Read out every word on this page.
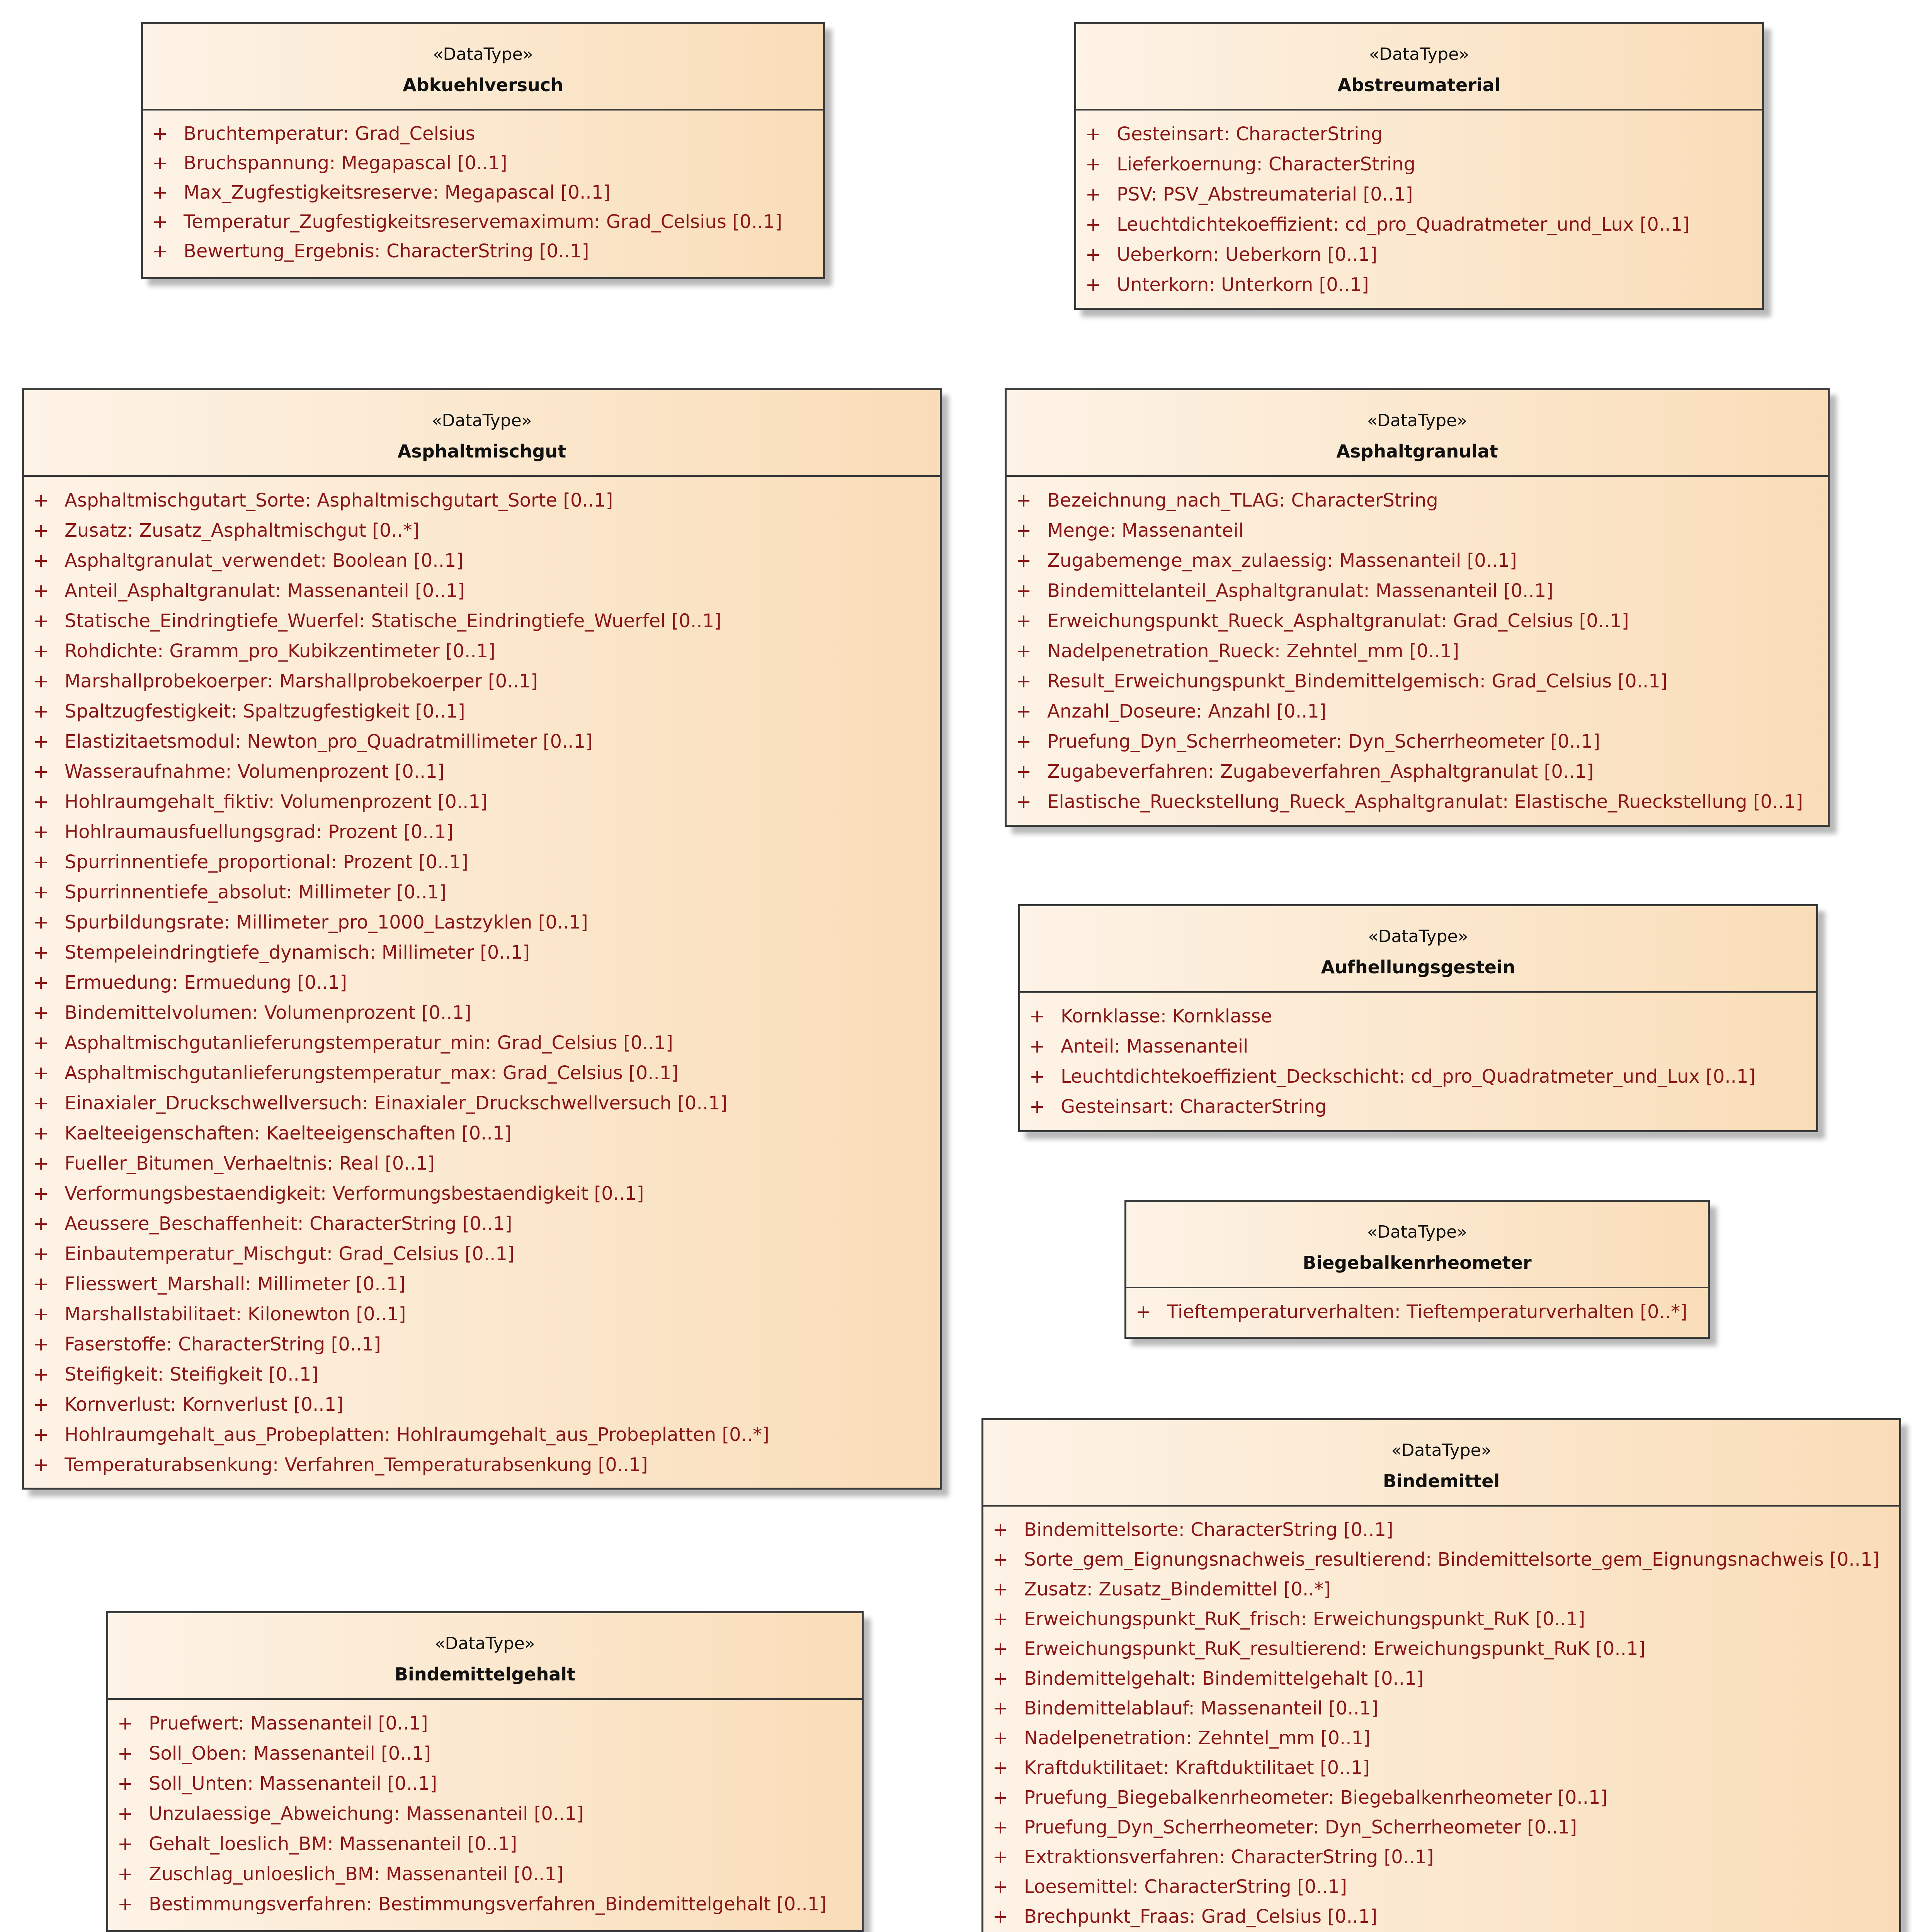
«DataType»
Abkuehlversuch
+ Bruchtemperatur: Grad_Celsius
+ Bruchspannung: Megapascal [0..1]
+ Max_Zugfestigkeitsreserve: Megapascal [0..1]
+ Temperatur_Zugfestigkeitsreservemaximum: Grad_Celsius [0..1]
+ Bewertung_Ergebnis: CharacterString [0..1]
«DataType»
Abstreumaterial
+ Gesteinsart: CharacterString
+ Lieferkoernung: CharacterString
+ PSV: PSV_Abstreumaterial [0..1]
+ Leuchtdichtekoeffizient: cd_pro_Quadratmeter_und_Lux [0..1]
+ Ueberkorn: Ueberkorn [0..1]
+ Unterkorn: Unterkorn [0..1]
«DataType»
Asphaltmischgut
+ Asphaltmischgutart_Sorte: Asphaltmischgutart_Sorte [0..1]
+ Zusatz: Zusatz_Asphaltmischgut [0..*]
+ Asphaltgranulat_verwendet: Boolean [0..1]
+ Anteil_Asphaltgranulat: Massenanteil [0..1]
+ Statische_Eindringtiefe_Wuerfel: Statische_Eindringtiefe_Wuerfel [0..1]
+ Rohdichte: Gramm_pro_Kubikzentimeter [0..1]
+ Marshallprobekoerper: Marshallprobekoerper [0..1]
+ Spaltzugfestigkeit: Spaltzugfestigkeit [0..1]
+ Elastizitaetsmodul: Newton_pro_Quadratmillimeter [0..1]
+ Wasseraufnahme: Volumenprozent [0..1]
+ Hohlraumgehalt_fiktiv: Volumenprozent [0..1]
+ Hohlraumausfuellungsgrad: Prozent [0..1]
+ Spurrinnentiefe_proportional: Prozent [0..1]
+ Spurrinnentiefe_absolut: Millimeter [0..1]
+ Spurbildungsrate: Millimeter_pro_1000_Lastzyklen [0..1]
+ Stempeleindringtiefe_dynamisch: Millimeter [0..1]
+ Ermuedung: Ermuedung [0..1]
+ Bindemittelvolumen: Volumenprozent [0..1]
+ Asphaltmischgutanlieferungstemperatur_min: Grad_Celsius [0..1]
+ Asphaltmischgutanlieferungstemperatur_max: Grad_Celsius [0..1]
+ Einaxialer_Druckschwellversuch: Einaxialer_Druckschwellversuch [0..1]
+ Kaelteeigenschaften: Kaelteeigenschaften [0..1]
+ Fueller_Bitumen_Verhaeltnis: Real [0..1]
+ Verformungsbestaendigkeit: Verformungsbestaendigkeit [0..1]
+ Aeussere_Beschaffenheit: CharacterString [0..1]
+ Einbautemperatur_Mischgut: Grad_Celsius [0..1]
+ Fliesswert_Marshall: Millimeter [0..1]
+ Marshallstabilitaet: Kilonewton [0..1]
+ Faserstoffe: CharacterString [0..1]
+ Steifigkeit: Steifigkeit [0..1]
+ Kornverlust: Kornverlust [0..1]
+ Hohlraumgehalt_aus_Probeplatten: Hohlraumgehalt_aus_Probeplatten [0..*]
+ Temperaturabsenkung: Verfahren_Temperaturabsenkung [0..1]
«DataType»
Asphaltgranulat
+ Bezeichnung_nach_TLAG: CharacterString
+ Menge: Massenanteil
+ Zugabemenge_max_zulaessig: Massenanteil [0..1]
+ Bindemittelanteil_Asphaltgranulat: Massenanteil [0..1]
+ Erweichungspunkt_Rueck_Asphaltgranulat: Grad_Celsius [0..1]
+ Nadelpenetration_Rueck: Zehntel_mm [0..1]
+ Result_Erweichungspunkt_Bindemittelgemisch: Grad_Celsius [0..1]
+ Anzahl_Doseure: Anzahl [0..1]
+ Pruefung_Dyn_Scherrheometer: Dyn_Scherrheometer [0..1]
+ Zugabeverfahren: Zugabeverfahren_Asphaltgranulat [0..1]
+ Elastische_Rueckstellung_Rueck_Asphaltgranulat: Elastische_Rueckstellung [0..1]
«DataType»
Aufhellungsgestein
+ Kornklasse: Kornklasse
+ Anteil: Massenanteil
+ Leuchtdichtekoeffizient_Deckschicht: cd_pro_Quadratmeter_und_Lux [0..1]
+ Gesteinsart: CharacterString
«DataType»
Biegebalkenrheometer
+ Tieftemperaturverhalten: Tieftemperaturverhalten [0..*]
«DataType»
Bindemittel
+ Bindemittelsorte: CharacterString [0..1]
+ Sorte_gem_Eignungsnachweis_resultierend: Bindemittelsorte_gem_Eignungsnachweis [0..1]
+ Zusatz: Zusatz_Bindemittel [0..*]
+ Erweichungspunkt_RuK_frisch: Erweichungspunkt_RuK [0..1]
+ Erweichungspunkt_RuK_resultierend: Erweichungspunkt_RuK [0..1]
+ Bindemittelgehalt: Bindemittelgehalt [0..1]
+ Bindemittelablauf: Massenanteil [0..1]
+ Nadelpenetration: Zehntel_mm [0..1]
+ Kraftduktilitaet: Kraftduktilitaet [0..1]
+ Pruefung_Biegebalkenrheometer: Biegebalkenrheometer [0..1]
+ Pruefung_Dyn_Scherrheometer: Dyn_Scherrheometer [0..1]
+ Extraktionsverfahren: CharacterString [0..1]
+ Loesemittel: CharacterString [0..1]
+ Brechpunkt_Fraas: Grad_Celsius [0..1]
«DataType»
Bindemittelgehalt
+ Pruefwert: Massenanteil [0..1]
+ Soll_Oben: Massenanteil [0..1]
+ Soll_Unten: Massenanteil [0..1]
+ Unzulaessige_Abweichung: Massenanteil [0..1]
+ Gehalt_loeslich_BM: Massenanteil [0..1]
+ Zuschlag_unloeslich_BM: Massenanteil [0..1]
+ Bestimmungsverfahren: Bestimmungsverfahren_Bindemittelgehalt [0..1]
